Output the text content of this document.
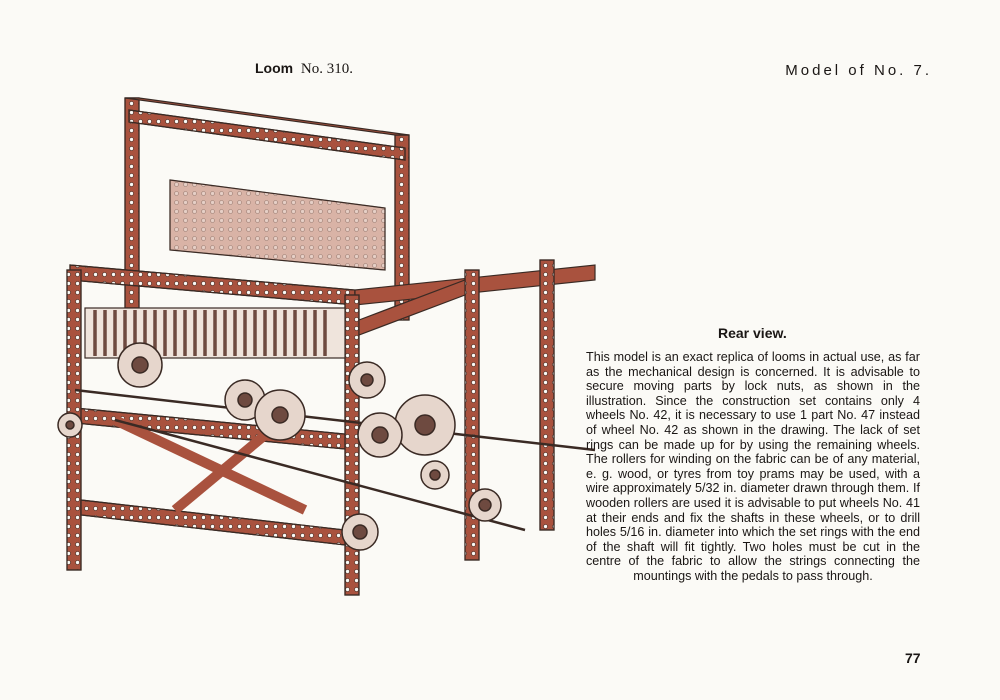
Loom No. 310.	Model of No. 7.
Rear view.
This model is an exact replica of looms in actual use, as far as the mechanical design is concerned. It is advisable to secure moving parts by lock nuts, as shown in the illustration. Since the construction set contains only 4 wheels No. 42, it is necessary to use 1 part No. 47 instead of wheel No. 42 as shown in the drawing. The lack of set rings can be made up for by using the remaining wheels. The rollers for winding on the fabric can be of any material, e. g. wood, or tyres from toy prams may be used, with a wire approximately 5/32 in. diameter drawn through them. If wooden rollers are used it is advisable to put wheels No. 41 at their ends and fix the shafts in these wheels, or to drill holes 5/16 in. diameter into which the set rings with the end of the shaft will fit tightly. Two holes must be cut in the centre of the fabric to allow the strings connecting the mountings with the pedals to pass through.
77
